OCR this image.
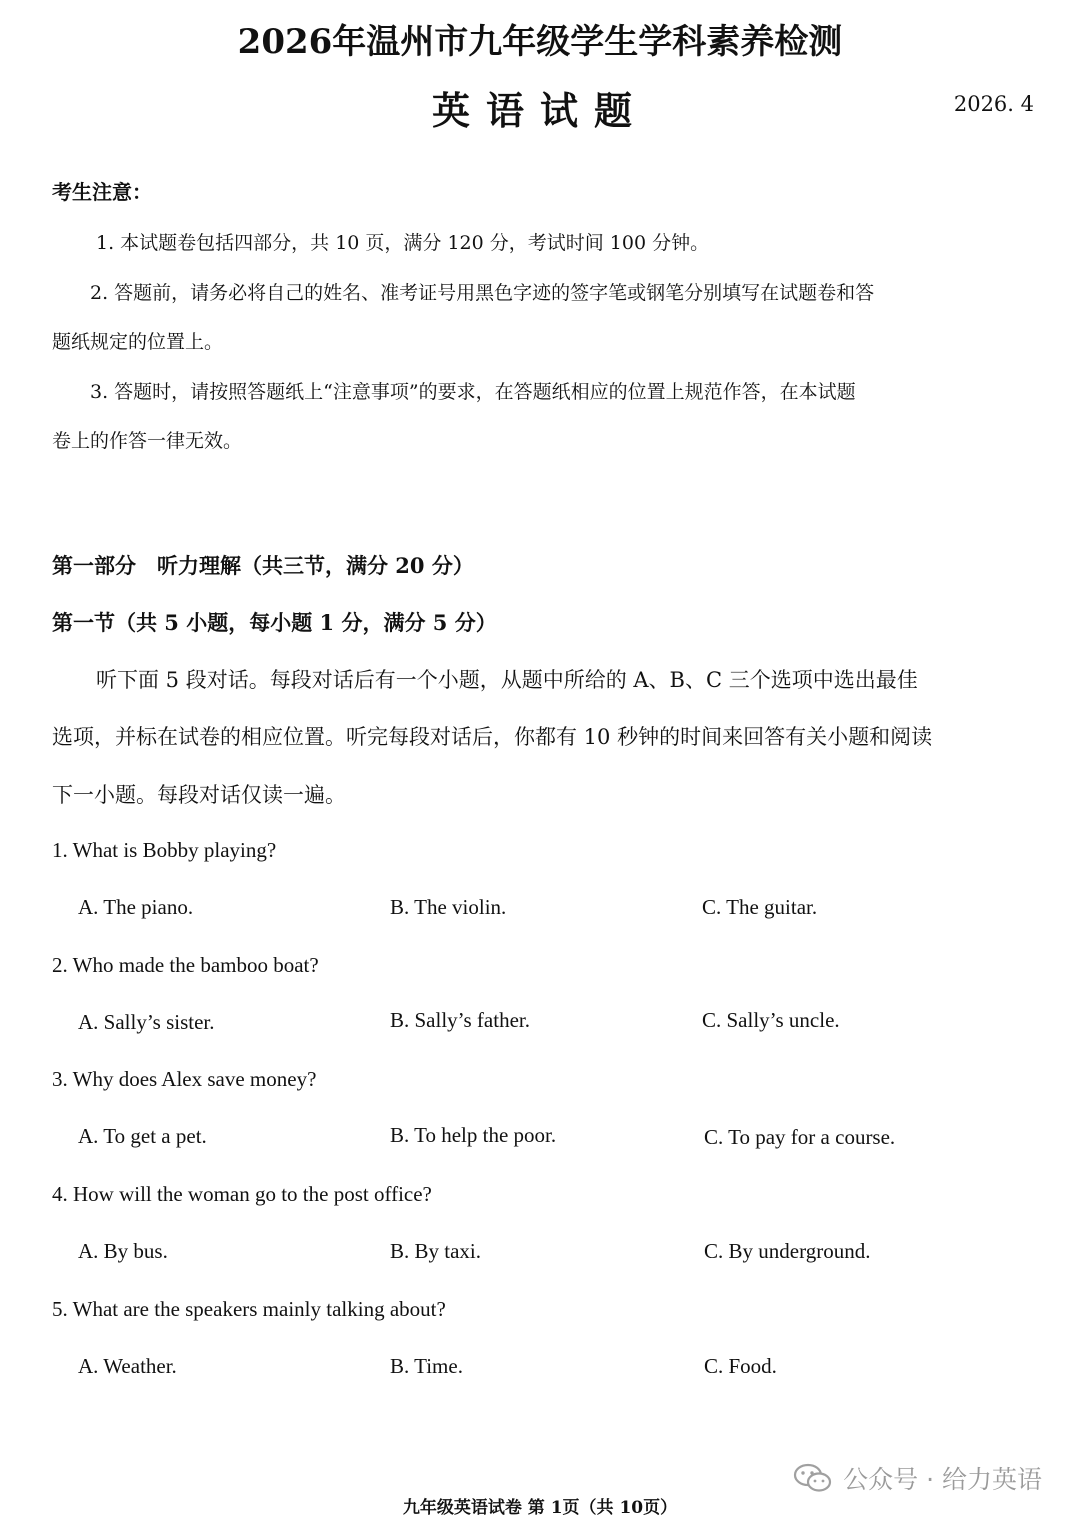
2026年温州市九年级学生学科素养检测
英语试题	2026. 4
考生注意：
1. 本试题卷包括四部分，共 10 页，满分 120 分，考试时间 100 分钟。
2. 答题前，请务必将自己的姓名、准考证号用黑色字迹的签字笔或钢笔分别填写在试题卷和答
题纸规定的位置上。
3. 答题时，请按照答题纸上“注意事项”的要求，在答题纸相应的位置上规范作答，在本试题
卷上的作答一律无效。
第一部分　听力理解（共三节，满分 20 分）
第一节（共 5 小题，每小题 1 分，满分 5 分）
听下面 5 段对话。每段对话后有一个小题，从题中所给的 A、B、C 三个选项中选出最佳
选项，并标在试卷的相应位置。听完每段对话后，你都有 10 秒钟的时间来回答有关小题和阅读
下一小题。每段对话仅读一遍。
1. What is Bobby playing?
A. The piano.	B. The violin.	C. The guitar.
2. Who made the bamboo boat?
A. Sally’s sister.	B. Sally’s father.	C. Sally’s uncle.
3. Why does Alex save money?
A. To get a pet.	B. To help the poor.	C. To pay for a course.
4. How will the woman go to the post office?
A. By bus.	B. By taxi.	C. By underground.
5. What are the speakers mainly talking about?
A. Weather.	B. Time.	C. Food.
公众号 · 给力英语
九年级英语试卷 第 1页（共 10页）
